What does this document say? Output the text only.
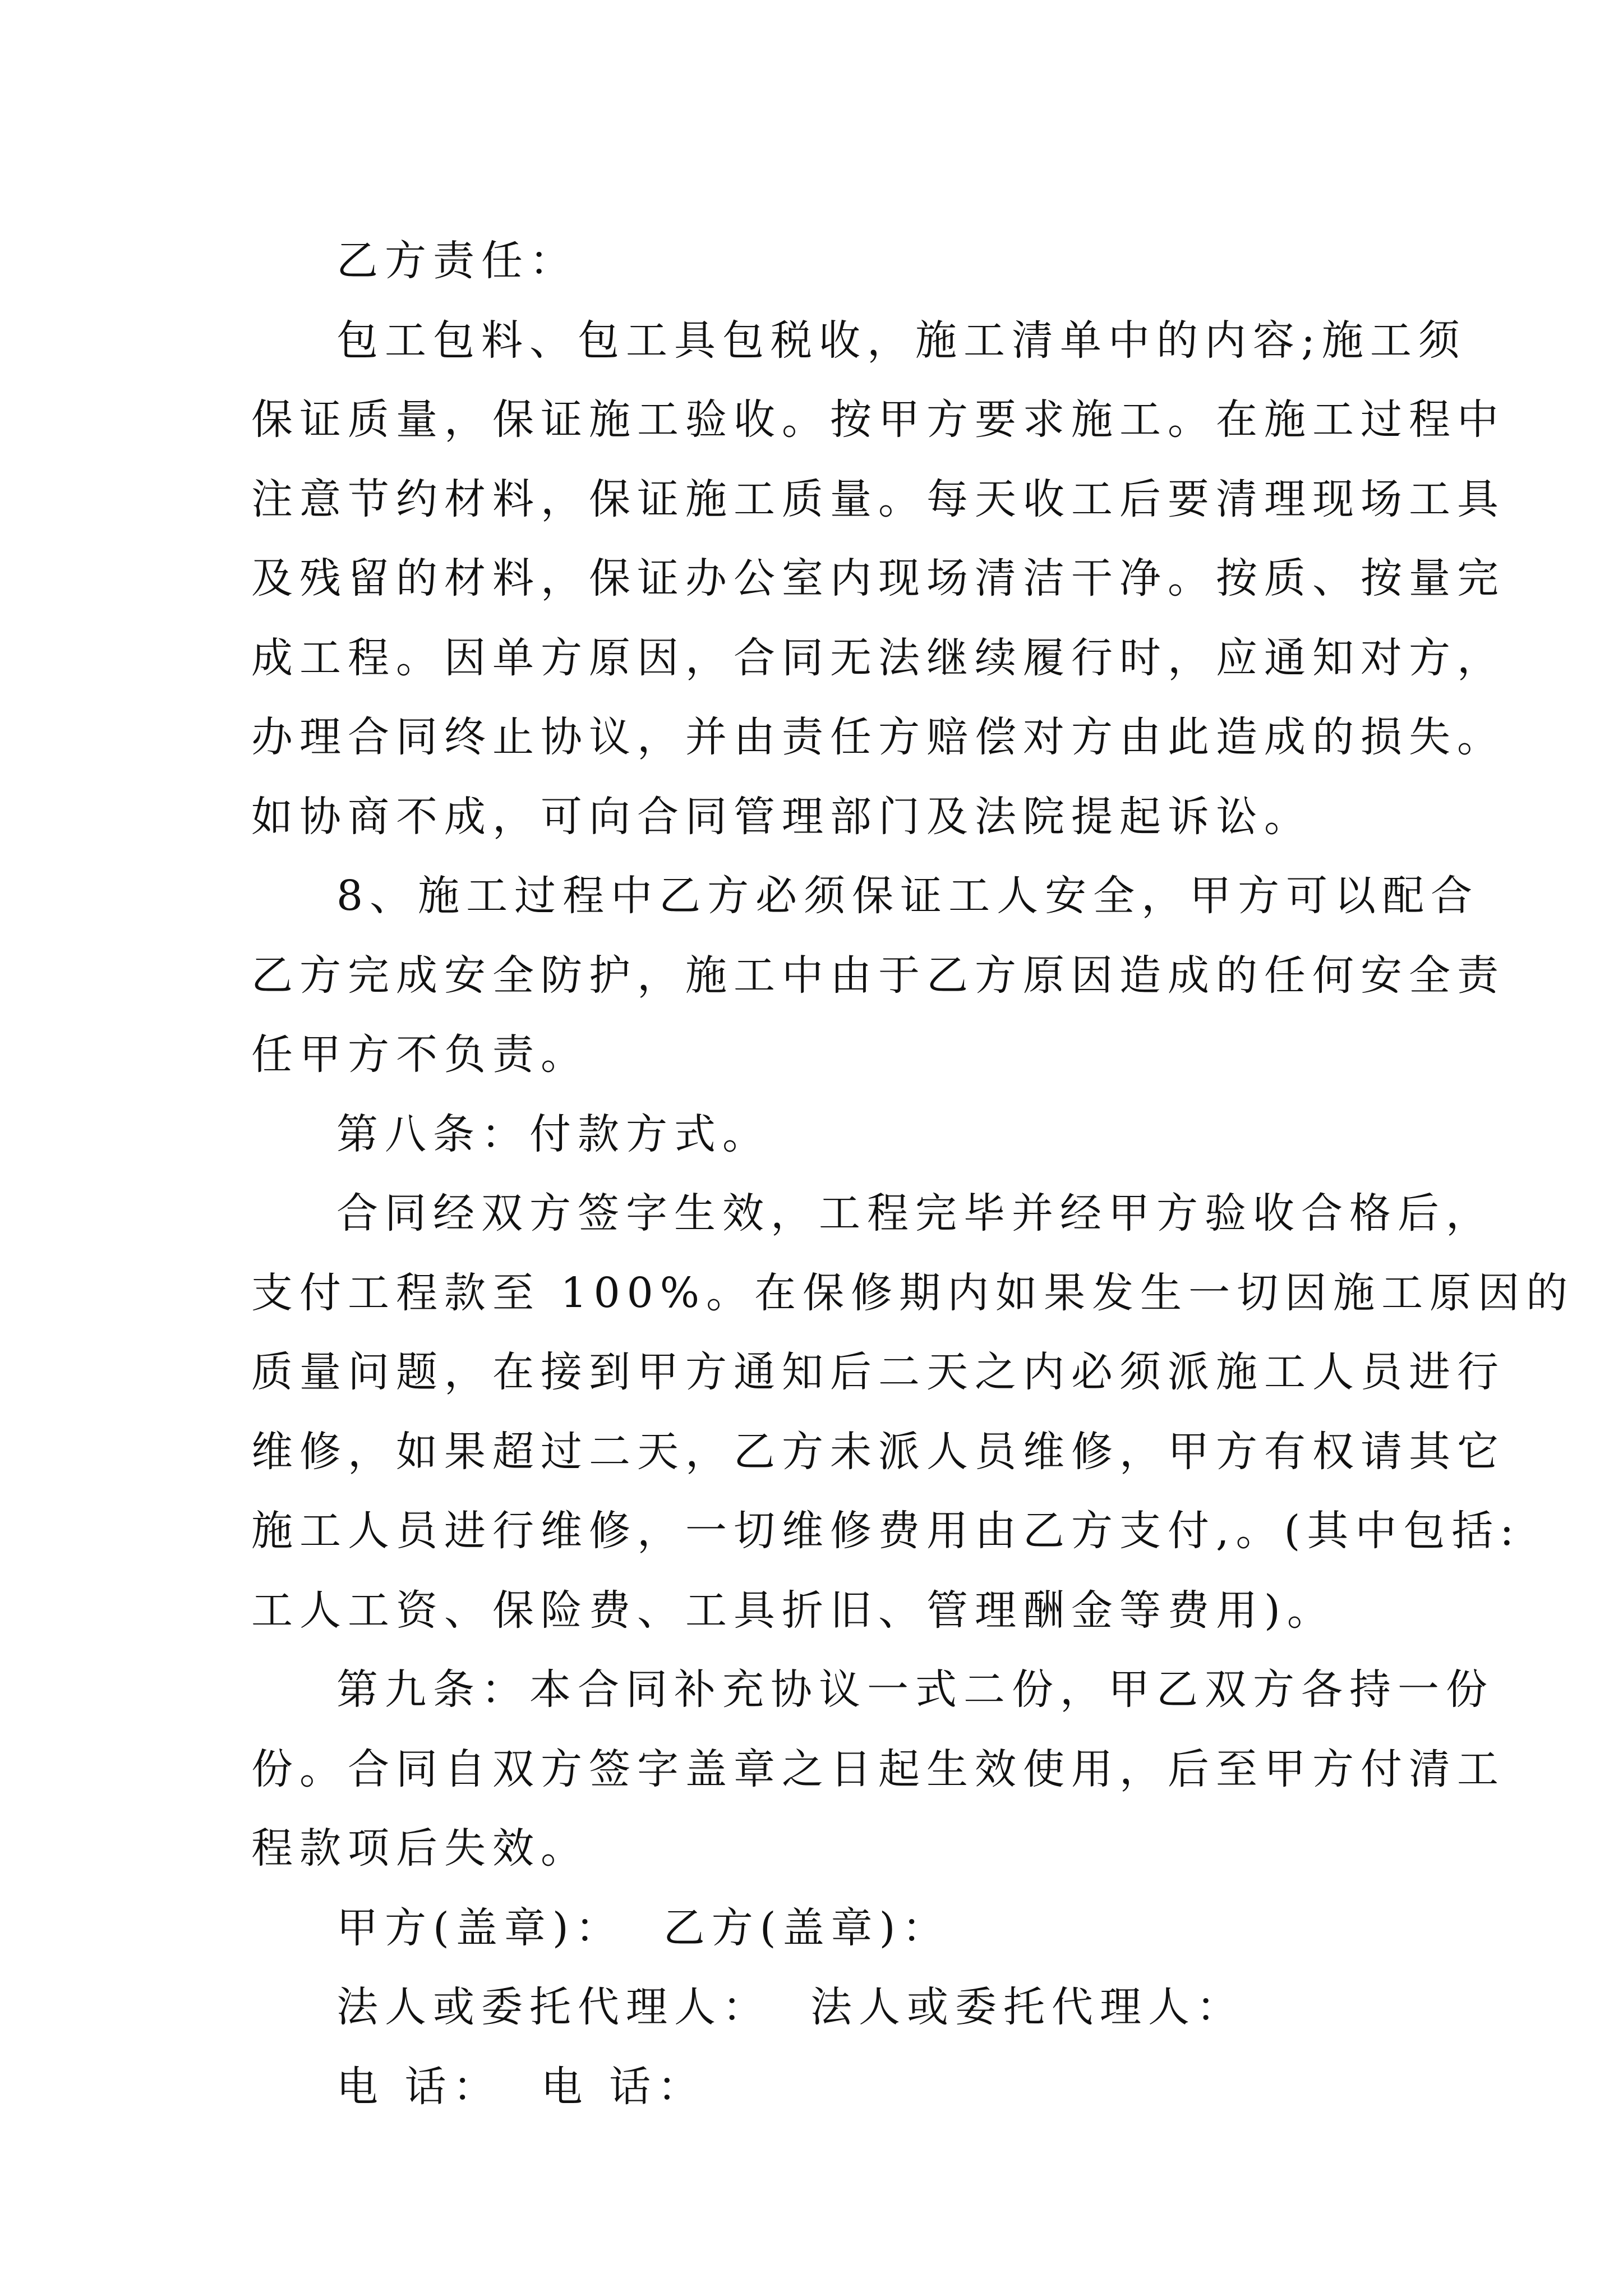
乙方责任：
包工包料、包工具包税收，施工清单中的内容;施工须
保证质量，保证施工验收。按甲方要求施工。在施工过程中
注意节约材料，保证施工质量。每天收工后要清理现场工具
及残留的材料，保证办公室内现场清洁干净。按质、按量完
成工程。因单方原因，合同无法继续履行时，应通知对方，
办理合同终止协议，并由责任方赔偿对方由此造成的损失。
如协商不成，可向合同管理部门及法院提起诉讼。
8、施工过程中乙方必须保证工人安全，甲方可以配合
乙方完成安全防护，施工中由于乙方原因造成的任何安全责
任甲方不负责。
第八条：付款方式。
合同经双方签字生效，工程完毕并经甲方验收合格后，
支付工程款至 100%。在保修期内如果发生一切因施工原因的
质量问题，在接到甲方通知后二天之内必须派施工人员进行
维修，如果超过二天，乙方未派人员维修，甲方有权请其它
施工人员进行维修，一切维修费用由乙方支付,。(其中包括:
工人工资、保险费、工具折旧、管理酬金等费用)。
第九条：本合同补充协议一式二份，甲乙双方各持一份
份。合同自双方签字盖章之日起生效使用，后至甲方付清工
程款项后失效。
甲方(盖章)：  乙方(盖章)：
法人或委托代理人：  法人或委托代理人：
电 话：  电 话：
